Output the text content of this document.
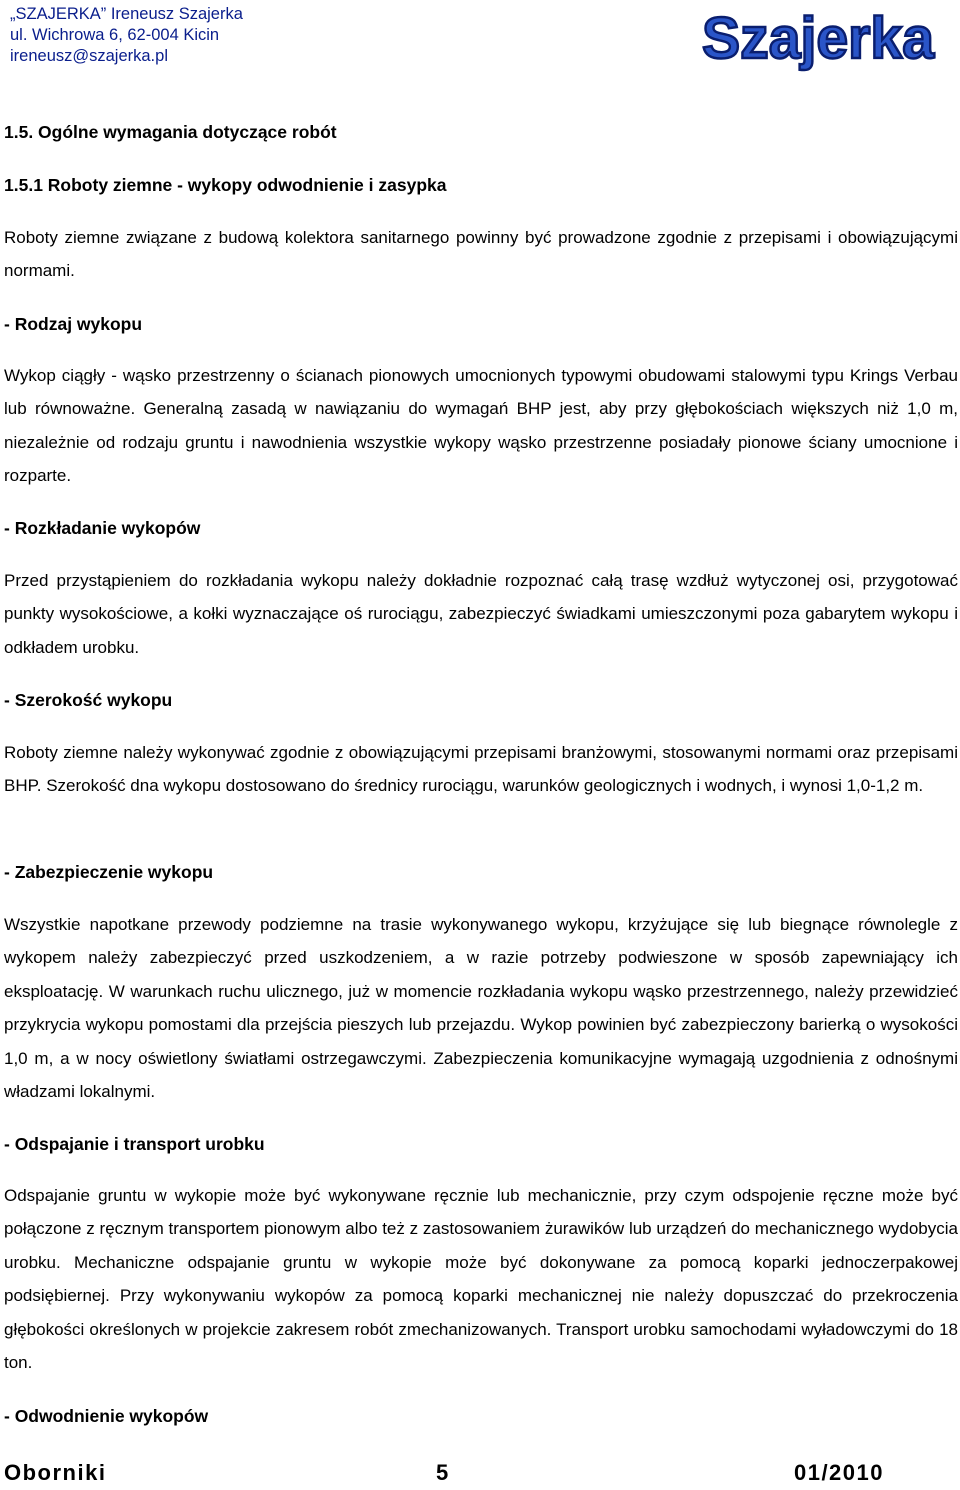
„SZAJERKA” Ireneusz Szajerka
ul. Wichrowa 6, 62-004 Kicin
ireneusz@szajerka.pl	Szajerka
1.5. Ogólne wymagania dotyczące robót
1.5.1 Roboty ziemne - wykopy odwodnienie i zasypka
Roboty ziemne związane z budową kolektora sanitarnego powinny być prowadzone zgodnie z przepisami i obowiązującymi normami.
- Rodzaj wykopu
Wykop ciągły - wąsko przestrzenny o ścianach pionowych umocnionych typowymi obudowami stalowymi typu Krings Verbau lub równoważne. Generalną zasadą w nawiązaniu do wymagań BHP jest, aby przy głębokościach większych niż 1,0 m, niezależnie od rodzaju gruntu i nawodnienia wszystkie wykopy wąsko przestrzenne posiadały pionowe ściany umocnione i rozparte.
- Rozkładanie wykopów
Przed przystąpieniem do rozkładania wykopu należy dokładnie rozpoznać całą trasę wzdłuż wytyczonej osi, przygotować punkty wysokościowe, a kołki wyznaczające oś rurociągu, zabezpieczyć świadkami umieszczonymi poza gabarytem wykopu i odkładem urobku.
- Szerokość wykopu
Roboty ziemne należy wykonywać zgodnie z obowiązującymi przepisami branżowymi, stosowanymi normami oraz przepisami BHP. Szerokość dna wykopu dostosowano do średnicy rurociągu, warunków geologicznych i wodnych, i wynosi 1,0-1,2 m.
- Zabezpieczenie wykopu
Wszystkie napotkane przewody podziemne na trasie wykonywanego wykopu, krzyżujące się lub biegnące równolegle z wykopem należy zabezpieczyć przed uszkodzeniem, a w razie potrzeby podwieszone w sposób zapewniający ich eksploatację. W warunkach ruchu ulicznego, już w momencie rozkładania wykopu wąsko przestrzennego, należy przewidzieć przykrycia wykopu pomostami dla przejścia pieszych lub przejazdu. Wykop powinien być zabezpieczony barierką o wysokości 1,0 m, a w nocy oświetlony światłami ostrzegawczymi. Zabezpieczenia komunikacyjne wymagają uzgodnienia z odnośnymi władzami lokalnymi.
- Odspajanie i transport urobku
Odspajanie gruntu w wykopie może być wykonywane ręcznie lub mechanicznie, przy czym odspojenie ręczne może być połączone z ręcznym transportem pionowym albo też z zastosowaniem żurawików lub urządzeń do mechanicznego wydobycia urobku. Mechaniczne odspajanie gruntu w wykopie może być dokonywane za pomocą koparki jednoczerpakowej podsiębiernej. Przy wykonywaniu wykopów za pomocą koparki mechanicznej nie należy dopuszczać do przekroczenia głębokości określonych w projekcie zakresem robót zmechanizowanych. Transport urobku samochodami wyładowczymi do 18 ton.
- Odwodnienie wykopów
Oborniki	5	01/2010
